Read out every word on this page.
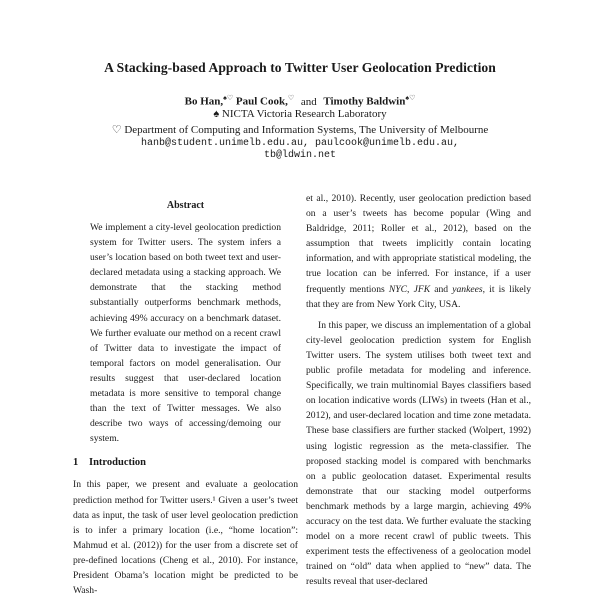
A Stacking-based Approach to Twitter User Geolocation Prediction
Bo Han,♠♡ Paul Cook,♡ and Timothy Baldwin♠♡
♠ NICTA Victoria Research Laboratory
♡ Department of Computing and Information Systems, The University of Melbourne
hanb@student.unimelb.edu.au, paulcook@unimelb.edu.au,
tb@ldwin.net
Abstract
We implement a city-level geolocation prediction system for Twitter users. The system infers a user’s location based on both tweet text and user-declared metadata using a stacking approach. We demonstrate that the stacking method substantially outperforms benchmark methods, achieving 49% accuracy on a benchmark dataset. We further evaluate our method on a recent crawl of Twitter data to investigate the impact of temporal factors on model generalisation. Our results suggest that user-declared location metadata is more sensitive to temporal change than the text of Twitter messages. We also describe two ways of accessing/demoing our system.
1 Introduction

In this paper, we present and evaluate a geolocation prediction method for Twitter users.¹ Given a user’s tweet data as input, the task of user level geolocation prediction is to infer a primary location (i.e., “home location”: Mahmud et al. (2012)) for the user from a discrete set of pre-defined locations (Cheng et al., 2010). For instance, President Obama’s location might be predicted to be Wash-

et al., 2010). Recently, user geolocation prediction based on a user’s tweets has become popular (Wing and Baldridge, 2011; Roller et al., 2012), based on the assumption that tweets implicitly contain locating information, and with appropriate statistical modeling, the true location can be inferred. For instance, if a user frequently mentions NYC, JFK and yankees, it is likely that they are from New York City, USA.

In this paper, we discuss an implementation of a global city-level geolocation prediction system for English Twitter users. The system utilises both tweet text and public profile metadata for modeling and inference. Specifically, we train multinomial Bayes classifiers based on location indicative words (LIWs) in tweets (Han et al., 2012), and user-declared location and time zone metadata. These base classifiers are further stacked (Wolpert, 1992) using logistic regression as the meta-classifier. The proposed stacking model is compared with benchmarks on a public geolocation dataset. Experimental results demonstrate that our stacking model outperforms benchmark methods by a large margin, achieving 49% accuracy on the test data. We further evaluate the stacking model on a more recent crawl of public tweets. This experiment tests the effectiveness of a geolocation model trained on “old” data when applied to “new” data. The results reveal that user-declared
